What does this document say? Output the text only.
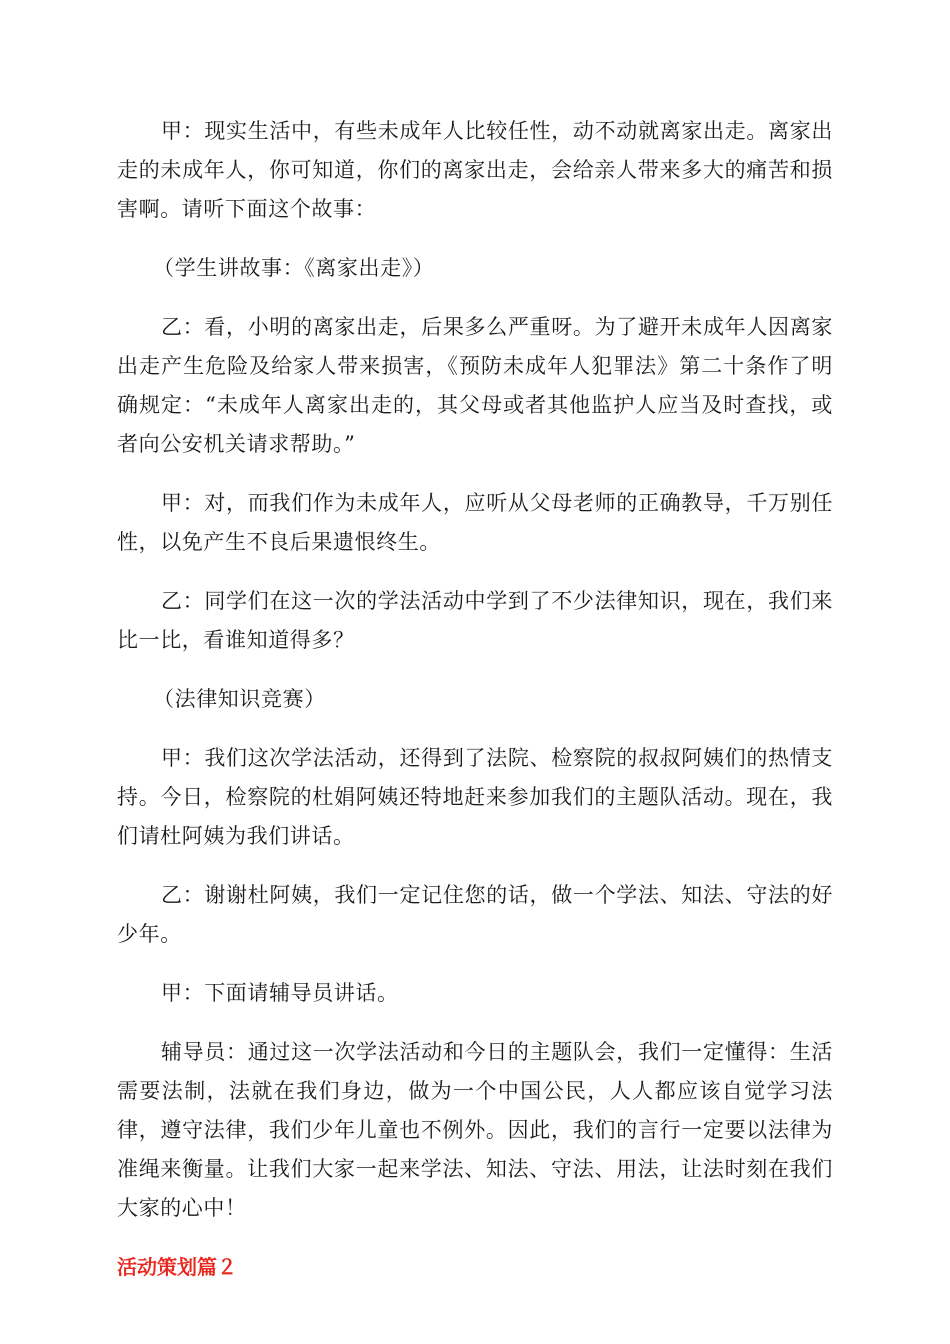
甲：现实生活中，有些未成年人比较任性，动不动就离家出走。离家出走的未成年人，你可知道，你们的离家出走，会给亲人带来多大的痛苦和损害啊。请听下面这个故事：

（学生讲故事：《离家出走》）

乙：看，小明的离家出走，后果多么严重呀。为了避开未成年人因离家出走产生危险及给家人带来损害，《预防未成年人犯罪法》第二十条作了明确规定：“未成年人离家出走的，其父母或者其他监护人应当及时查找，或者向公安机关请求帮助。”

甲：对，而我们作为未成年人，应听从父母老师的正确教导，千万别任性，以免产生不良后果遗恨终生。

乙：同学们在这一次的学法活动中学到了不少法律知识，现在，我们来比一比，看谁知道得多？

（法律知识竞赛）

甲：我们这次学法活动，还得到了法院、检察院的叔叔阿姨们的热情支持。今日，检察院的杜娟阿姨还特地赶来参加我们的主题队活动。现在，我们请杜阿姨为我们讲话。

乙：谢谢杜阿姨，我们一定记住您的话，做一个学法、知法、守法的好少年。

甲：下面请辅导员讲话。

辅导员：通过这一次学法活动和今日的主题队会，我们一定懂得：生活需要法制，法就在我们身边，做为一个中国公民，人人都应该自觉学习法律，遵守法律，我们少年儿童也不例外。因此，我们的言行一定要以法律为准绳来衡量。让我们大家一起来学法、知法、守法、用法，让法时刻在我们大家的心中！

活动策划篇２
